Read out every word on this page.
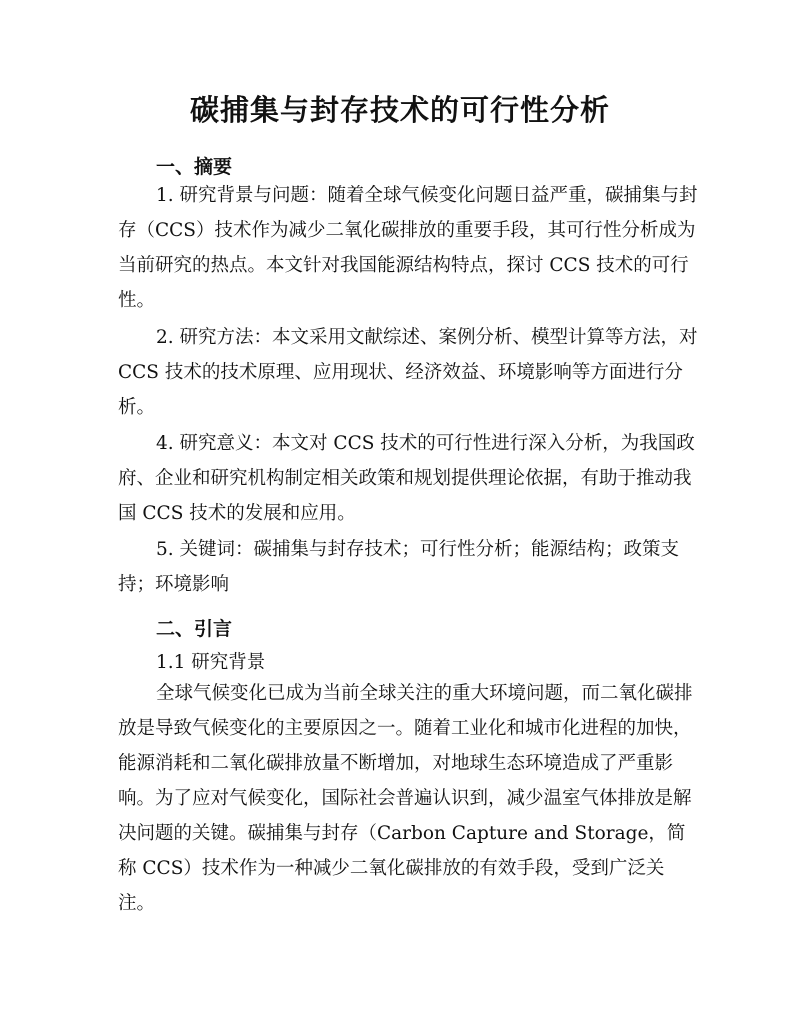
碳捕集与封存技术的可行性分析
一、摘要

1. 研究背景与问题：随着全球气候变化问题日益严重，碳捕集与封存（CCS）技术作为减少二氧化碳排放的重要手段，其可行性分析成为当前研究的热点。本文针对我国能源结构特点，探讨 CCS 技术的可行性。

2. 研究方法：本文采用文献综述、案例分析、模型计算等方法，对 CCS 技术的技术原理、应用现状、经济效益、环境影响等方面进行分析。

4. 研究意义：本文对 CCS 技术的可行性进行深入分析，为我国政府、企业和研究机构制定相关政策和规划提供理论依据，有助于推动我国 CCS 技术的发展和应用。

5. 关键词：碳捕集与封存技术；可行性分析；能源结构；政策支持；环境影响

二、引言
1.1 研究背景

全球气候变化已成为当前全球关注的重大环境问题，而二氧化碳排放是导致气候变化的主要原因之一。随着工业化和城市化进程的加快，能源消耗和二氧化碳排放量不断增加，对地球生态环境造成了严重影响。为了应对气候变化，国际社会普遍认识到，减少温室气体排放是解决问题的关键。碳捕集与封存（Carbon Capture and Storage，简称 CCS）技术作为一种减少二氧化碳排放的有效手段，受到广泛关注。
